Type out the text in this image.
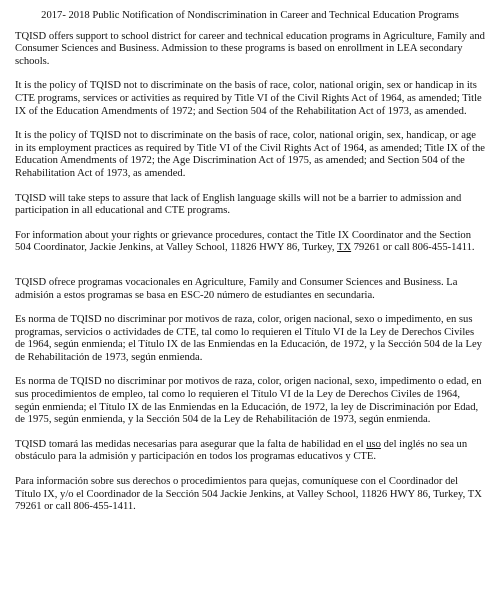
2017- 2018 Public Notification of Nondiscrimination in Career and Technical Education Programs

TQISD offers support to school district for career and technical education programs in Agriculture, Family and Consumer Sciences and Business. Admission to these programs is based on enrollment in LEA secondary schools.

It is the policy of TQISD not to discriminate on the basis of race, color, national origin, sex or handicap in its CTE programs, services or activities as required by Title VI of the Civil Rights Act of 1964, as amended; Title IX of the Education Amendments of 1972; and Section 504 of the Rehabilitation Act of 1973, as amended.

It is the policy of TQISD not to discriminate on the basis of race, color, national origin, sex, handicap, or age in its employment practices as required by Title VI of the Civil Rights Act of 1964, as amended; Title IX of the Education Amendments of 1972; the Age Discrimination Act of 1975, as amended; and Section 504 of the Rehabilitation Act of 1973, as amended.

TQISD will take steps to assure that lack of English language skills will not be a barrier to admission and participation in all educational and CTE programs.

For information about your rights or grievance procedures, contact the Title IX Coordinator and the Section 504 Coordinator, Jackie Jenkins, at Valley School, 11826 HWY 86, Turkey, TX 79261 or call 806-455-1411.

TQISD ofrece programas vocacionales en Agriculture, Family and Consumer Sciences and Business. La admisión a estos programas se basa en ESC-20 número de estudiantes en secundaria.

Es norma de TQISD no discriminar por motivos de raza, color, origen nacional, sexo o impedimento, en sus programas, servicios o actividades de CTE, tal como lo requieren el Título VI de la Ley de Derechos Civiles de 1964, según enmienda; el Título IX de las Enmiendas en la Educación, de 1972, y la Sección 504 de la Ley de Rehabilitación de 1973, según enmienda.

Es norma de TQISD no discriminar por motivos de raza, color, origen nacional, sexo, impedimento o edad, en sus procedimientos de empleo, tal como lo requieren el Título VI de la Ley de Derechos Civiles de 1964, según enmienda; el Título IX de las Enmiendas en la Educación, de 1972, la ley de Discriminación por Edad, de 1975, según enmienda, y la Sección 504 de la Ley de Rehabilitación de 1973, según enmienda.

TQISD tomará las medidas necesarias para asegurar que la falta de habilidad en el uso del inglés no sea un obstáculo para la admisión y participación en todos los programas educativos y CTE.

Para información sobre sus derechos o procedimientos para quejas, comuníquese con el Coordinador del Título IX, y/o el Coordinador de la Sección 504 Jackie Jenkins, at Valley School, 11826 HWY 86, Turkey, TX 79261 or call 806-455-1411.
